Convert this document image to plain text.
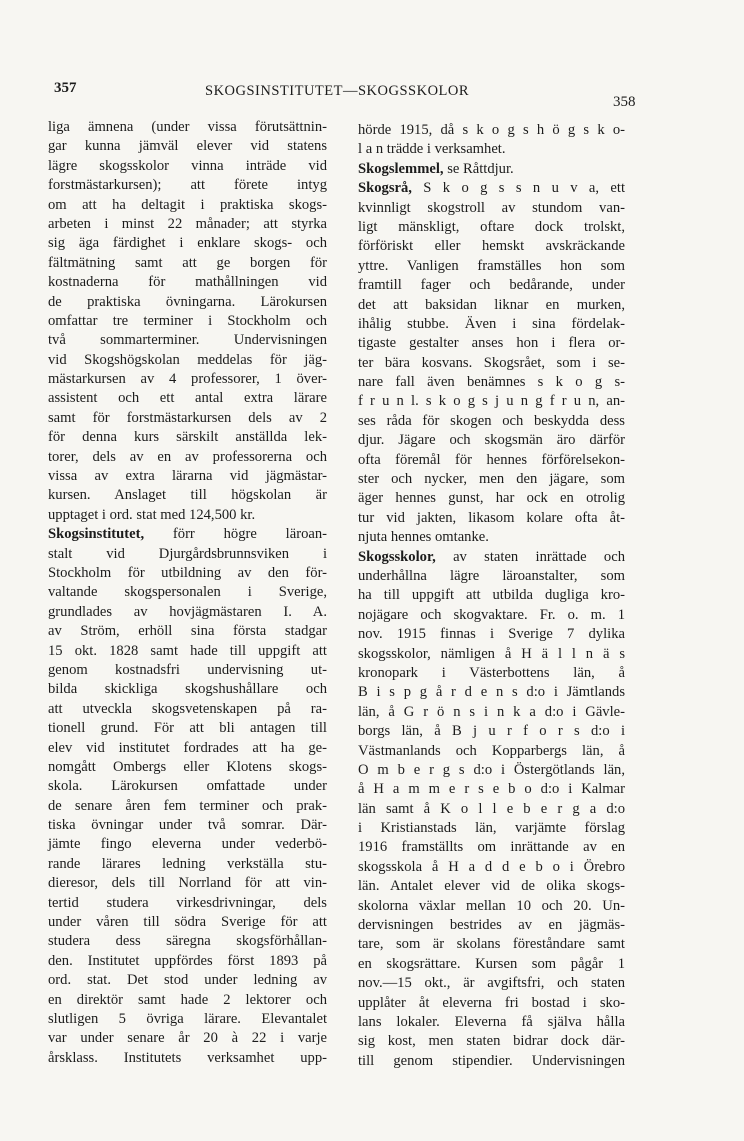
357	SKOGSINSTITUTET—SKOGSSKOLOR
358
liga ämnena (under vissa förutsättnin-
gar kunna jämväl elever vid statens
lägre skogsskolor vinna inträde vid
forstmästarkursen); att förete intyg
om att ha deltagit i praktiska skogs-
arbeten i minst 22 månader; att styrka
sig äga färdighet i enklare skogs- och
fältmätning samt att ge borgen för
kostnaderna för mathållningen vid
de praktiska övningarna. Lärokursen
omfattar tre terminer i Stockholm och
två sommarterminer. Undervisningen
vid Skogshögskolan meddelas för jäg-
mästarkursen av 4 professorer, 1 över-
assistent och ett antal extra lärare
samt för forstmästarkursen dels av 2
för denna kurs särskilt anställda lek-
torer, dels av en av professorerna och
vissa av extra lärarna vid jägmästar-
kursen. Anslaget till högskolan är
upptaget i ord. stat med 124,500 kr.
Skogsinstitutet, förr högre läroan-
stalt vid Djurgårdsbrunnsviken i
Stockholm för utbildning av den för-
valtande skogspersonalen i Sverige,
grundlades av hovjägmästaren I. A.
av Ström, erhöll sina första stadgar
15 okt. 1828 samt hade till uppgift att
genom kostnadsfri undervisning ut-
bilda skickliga skogshushållare och
att utveckla skogsvetenskapen på ra-
tionell grund. För att bli antagen till
elev vid institutet fordrades att ha ge-
nomgått Ombergs eller Klotens skogs-
skola. Lärokursen omfattade under
de senare åren fem terminer och prak-
tiska övningar under två somrar. Där-
jämte fingo eleverna under vederbö-
rande lärares ledning verkställa stu-
dieresor, dels till Norrland för att vin-
tertid studera virkesdrivningar, dels
under våren till södra Sverige för att
studera dess säregna skogsförhållan-
den. Institutet uppfördes först 1893 på
ord. stat. Det stod under ledning av
en direktör samt hade 2 lektorer och
slutligen 5 övriga lärare. Elevantalet
var under senare år 20 à 22 i varje
årsklass. Institutets verksamhet upp-
hörde 1915, då s k o g s h ö g s k o-
l a n trädde i verksamhet.
Skogslemmel, se Råttdjur.
Skogsrå, S k o g s s n u v a, ett
kvinnligt skogstroll av stundom van-
ligt mänskligt, oftare dock trolskt,
förföriskt eller hemskt avskräckande
yttre. Vanligen framställes hon som
framtill fager och bedårande, under
det att baksidan liknar en murken,
ihålig stubbe. Även i sina fördelak-
tigaste gestalter anses hon i flera or-
ter bära kosvans. Skogsrået, som i se-
nare fall även benämnes s k o g s-
f r u n l. s k o g s j u n g f r u n, an-
ses råda för skogen och beskydda dess
djur. Jägare och skogsmän äro därför
ofta föremål för hennes förförelsekon-
ster och nycker, men den jägare, som
äger hennes gunst, har ock en otrolig
tur vid jakten, likasom kolare ofta åt-
njuta hennes omtanke.
Skogsskolor, av staten inrättade och
underhållna lägre läroanstalter, som
ha till uppgift att utbilda dugliga kro-
nojägare och skogvaktare. Fr. o. m. 1
nov. 1915 finnas i Sverige 7 dylika
skogsskolor, nämligen å H ä l l n ä s
kronopark i Västerbottens län, å
B i s p g å r d e n s d:o i Jämtlands
län, å G r ö n s i n k a d:o i Gävle-
borgs län, å B j u r f o r s d:o i
Västmanlands och Kopparbergs län, å
O m b e r g s d:o i Östergötlands län,
å H a m m e r s e b o d:o i Kalmar
län samt å K o l l e b e r g a d:o
i Kristianstads län, varjämte förslag
1916 framställts om inrättande av en
skogsskola å H a d d e b o i Örebro
län. Antalet elever vid de olika skogs-
skolorna växlar mellan 10 och 20. Un-
dervisningen bestrides av en jägmäs-
tare, som är skolans föreståndare samt
en skogsrättare. Kursen som pågår 1
nov.—15 okt., är avgiftsfri, och staten
upplåter åt eleverna fri bostad i sko-
lans lokaler. Eleverna få själva hålla
sig kost, men staten bidrar dock där-
till genom stipendier. Undervisningen
